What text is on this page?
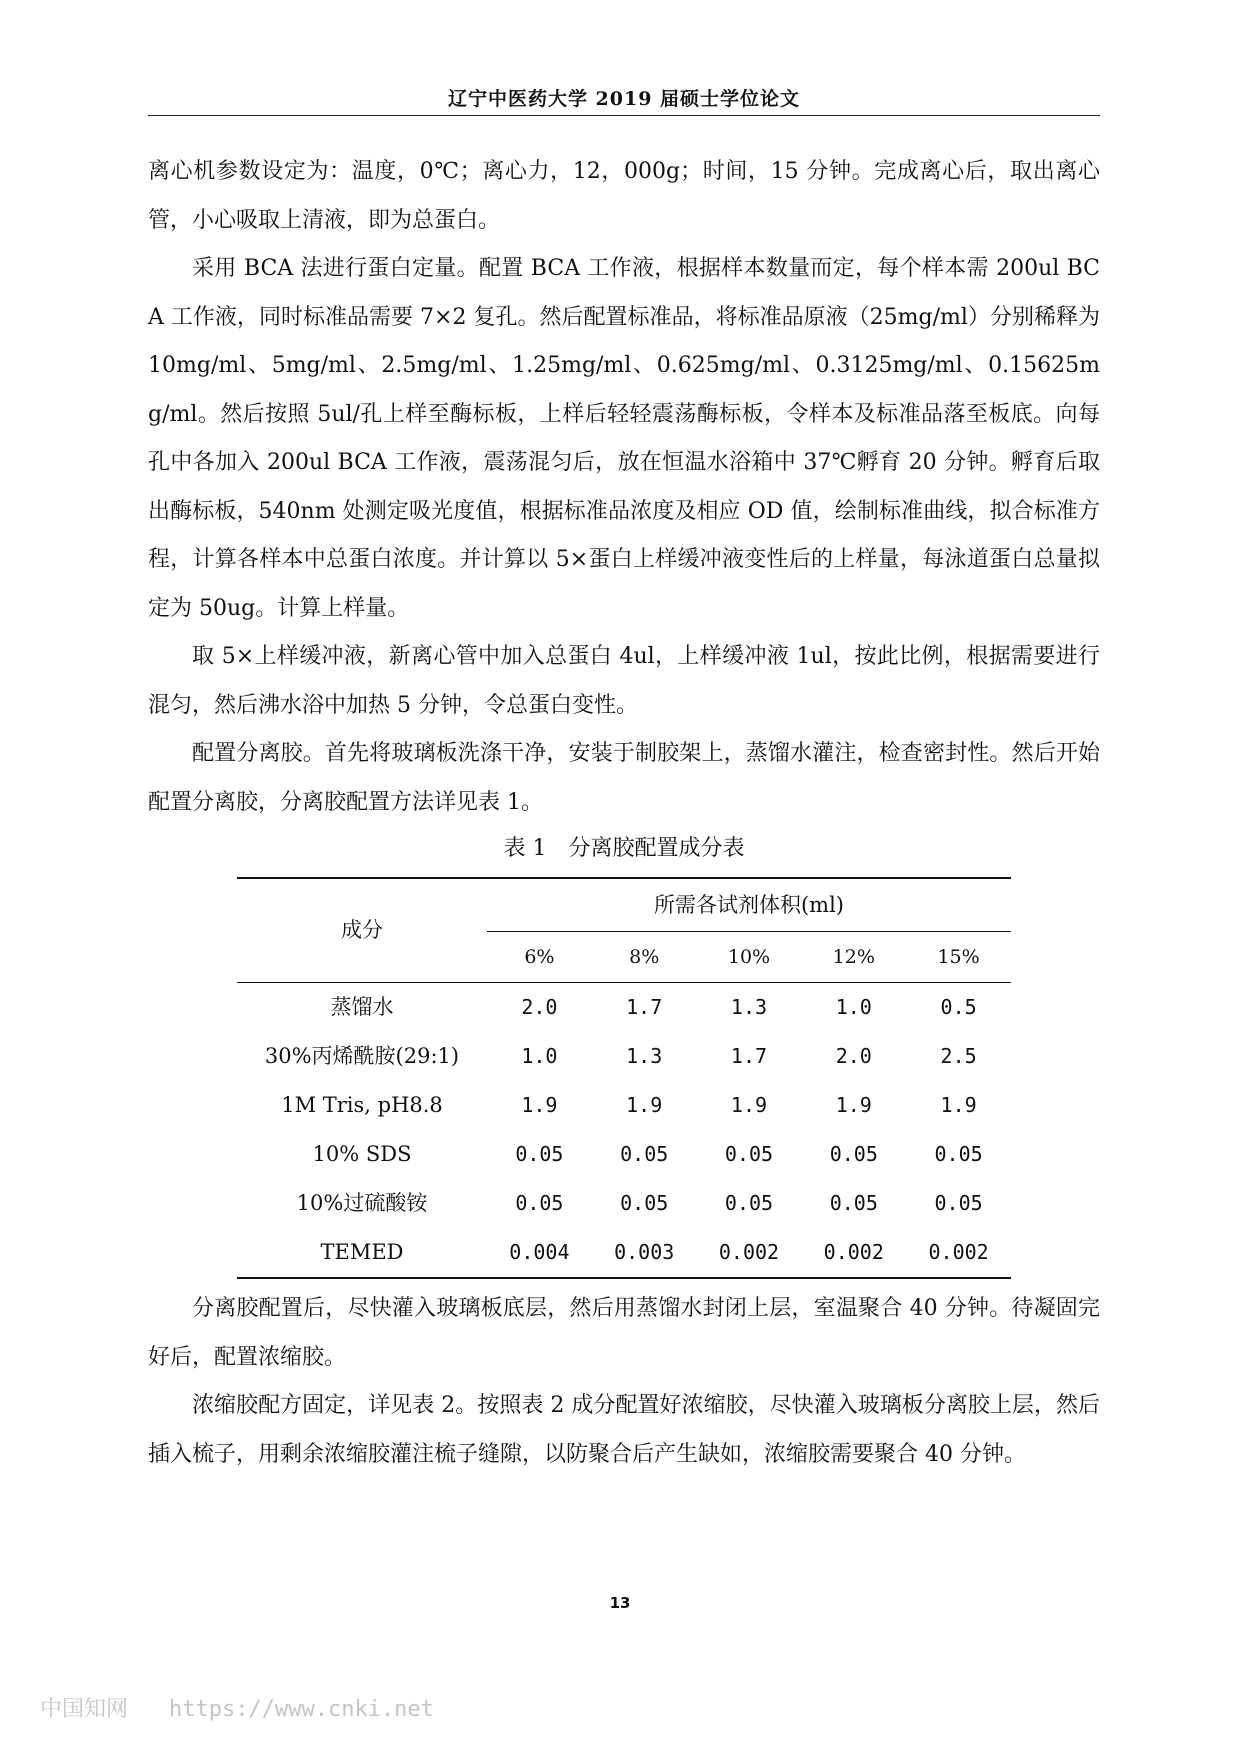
辽宁中医药大学 2019 届硕士学位论文

离心机参数设定为：温度，0℃；离心力，12，000g；时间，15 分钟。完成离心后，取出离心管，小心吸取上清液，即为总蛋白。

采用 BCA 法进行蛋白定量。配置 BCA 工作液，根据样本数量而定，每个样本需 200ul BCA 工作液，同时标准品需要 7×2 复孔。然后配置标准品，将标准品原液（25mg/ml）分别稀释为 10mg/ml、5mg/ml、2.5mg/ml、1.25mg/ml、0.625mg/ml、0.3125mg/ml、0.15625mg/ml。然后按照 5ul/孔上样至酶标板，上样后轻轻震荡酶标板，令样本及标准品落至板底。向每孔中各加入 200ul BCA 工作液，震荡混匀后，放在恒温水浴箱中 37℃孵育 20 分钟。孵育后取出酶标板，540nm 处测定吸光度值，根据标准品浓度及相应 OD 值，绘制标准曲线，拟合标准方程，计算各样本中总蛋白浓度。并计算以 5×蛋白上样缓冲液变性后的上样量，每泳道蛋白总量拟定为 50ug。计算上样量。

取 5×上样缓冲液，新离心管中加入总蛋白 4ul，上样缓冲液 1ul，按此比例，根据需要进行混匀，然后沸水浴中加热 5 分钟，令总蛋白变性。

配置分离胶。首先将玻璃板洗涤干净，安装于制胶架上，蒸馏水灌注，检查密封性。然后开始配置分离胶，分离胶配置方法详见表 1。

表 1　分离胶配置成分表
成分	所需各试剂体积(ml)				
	6%	8%	10%	12%	15%
蒸馏水	2.0	1.7	1.3	1.0	0.5
30%丙烯酰胺(29:1)	1.0	1.3	1.7	2.0	2.5
1M Tris, pH8.8	1.9	1.9	1.9	1.9	1.9
10% SDS	0.05	0.05	0.05	0.05	0.05
10%过硫酸铵	0.05	0.05	0.05	0.05	0.05
TEMED	0.004	0.003	0.002	0.002	0.002

分离胶配置后，尽快灌入玻璃板底层，然后用蒸馏水封闭上层，室温聚合 40 分钟。待凝固完好后，配置浓缩胶。

浓缩胶配方固定，详见表 2。按照表 2 成分配置好浓缩胶，尽快灌入玻璃板分离胶上层，然后插入梳子，用剩余浓缩胶灌注梳子缝隙，以防聚合后产生缺如，浓缩胶需要聚合 40 分钟。

13
中国知网 https://www.cnki.net
